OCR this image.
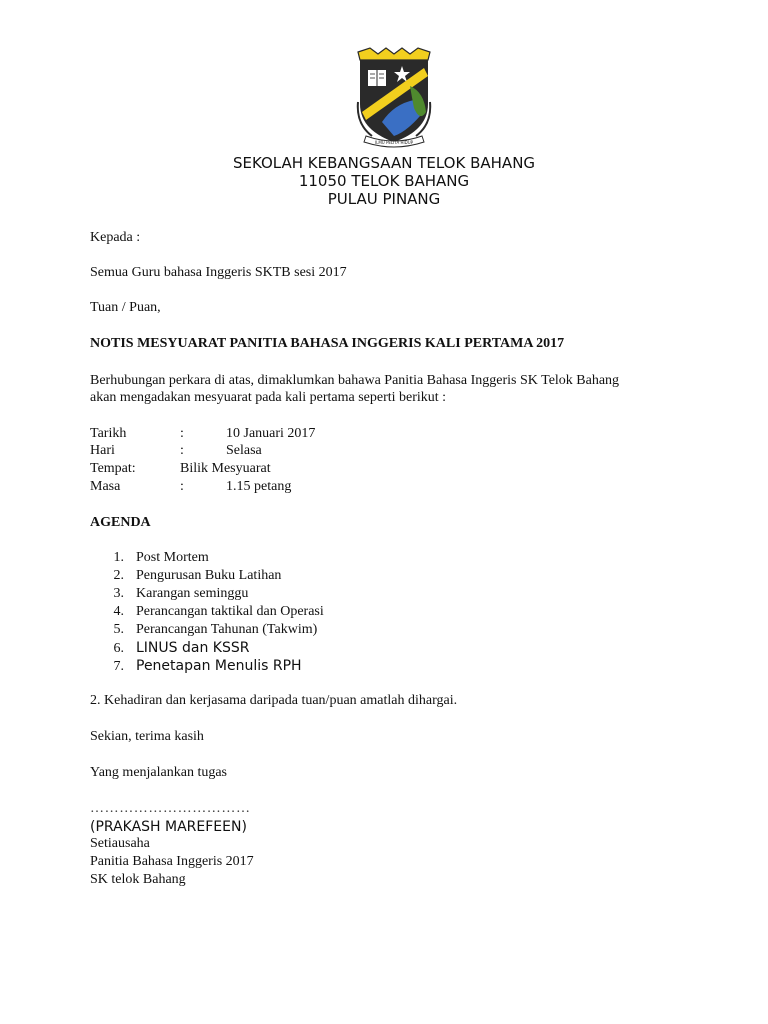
ILMU PELITA HIDUP
SEKOLAH KEBANGSAAN TELOK BAHANG
11050 TELOK BAHANG
PULAU PINANG
Kepada :
Semua Guru bahasa Inggeris SKTB sesi 2017
Tuan / Puan,
NOTIS MESYUARAT PANITIA BAHASA INGGERIS KALI PERTAMA 2017
Berhubungan perkara di atas, dimaklumkan bahawa Panitia Bahasa Inggeris SK Telok Bahang
akan mengadakan mesyuarat pada kali pertama seperti berikut :
Tarikh	:	10 Januari 2017
Hari	:	Selasa
Tempat:	Bilik Mesyuarat
Masa	:	1.15 petang
AGENDA
1. Post Mortem
2. Pengurusan Buku Latihan
3. Karangan seminggu
4. Perancangan taktikal dan Operasi
5. Perancangan Tahunan (Takwim)
6. LINUS dan KSSR
7. Penetapan Menulis RPH
2. Kehadiran dan kerjasama daripada tuan/puan amatlah dihargai.
Sekian, terima kasih
Yang menjalankan tugas
……………………………
(PRAKASH MAREFEEN)
Setiausaha
Panitia Bahasa Inggeris 2017
SK telok Bahang
